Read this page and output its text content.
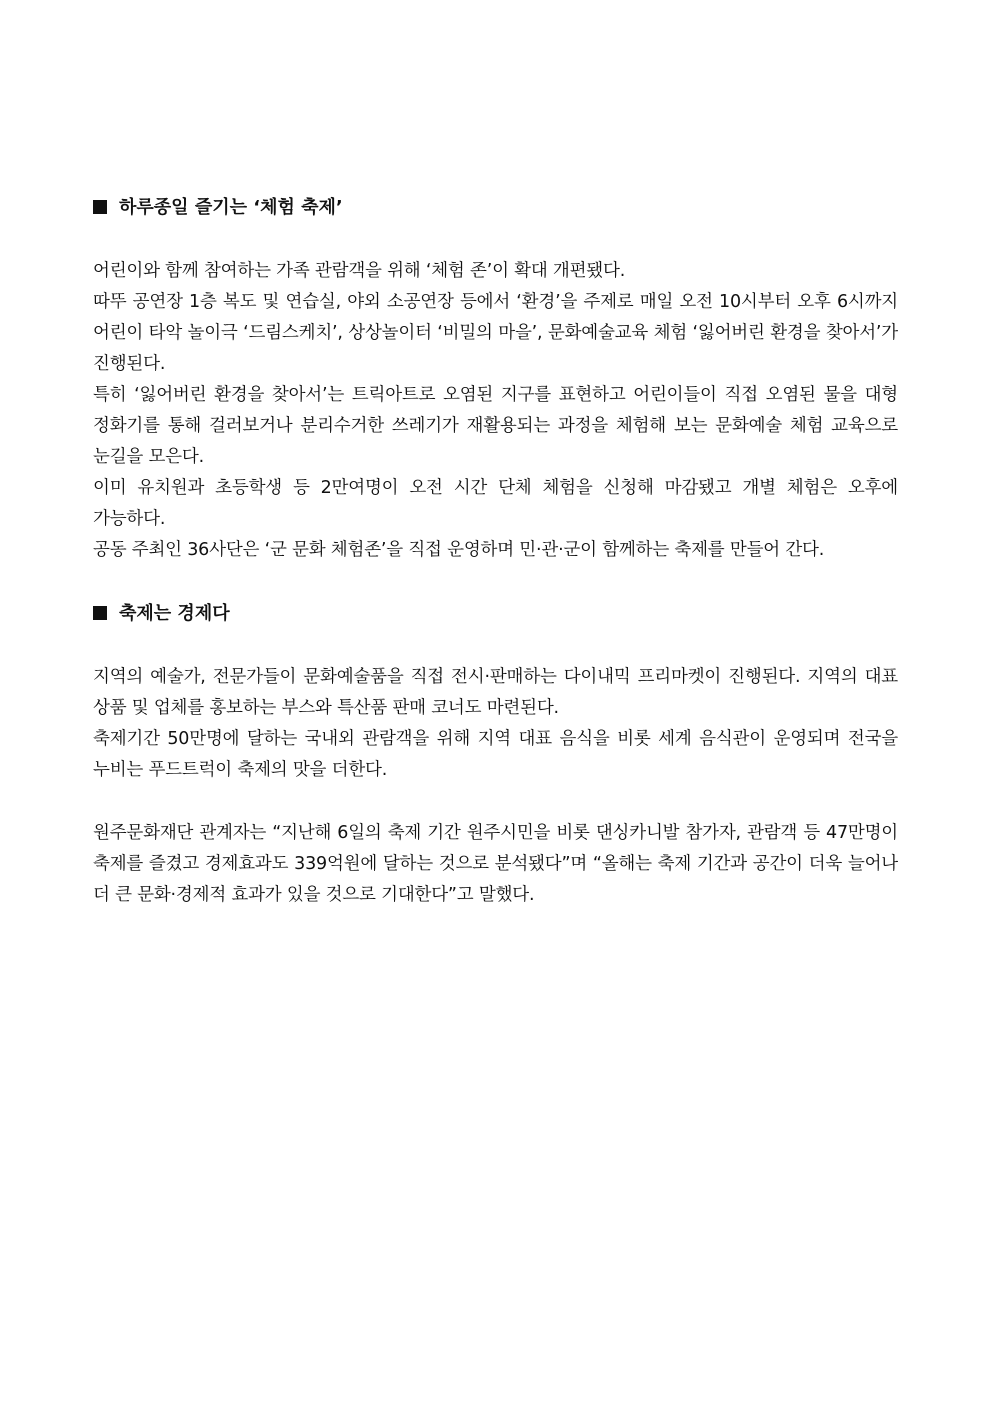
하루종일 즐기는 ‘체험 축제’

어린이와 함께 참여하는 가족 관람객을 위해 ‘체험 존’이 확대 개편됐다.

따뚜 공연장 1층 복도 및 연습실, 야외 소공연장 등에서 ‘환경’을 주제로 매일 오전 10시부터 오후 6시까지 어린이 타악 놀이극 ‘드림스케치’, 상상놀이터 ‘비밀의 마을’, 문화예술교육 체험 ‘잃어버린 환경을 찾아서’가 진행된다.

특히 ‘잃어버린 환경을 찾아서’는 트릭아트로 오염된 지구를 표현하고 어린이들이 직접 오염된 물을 대형 정화기를 통해 걸러보거나 분리수거한 쓰레기가 재활용되는 과정을 체험해 보는 문화예술 체험 교육으로 눈길을 모은다.

이미 유치원과 초등학생 등 2만여명이 오전 시간 단체 체험을 신청해 마감됐고 개별 체험은 오후에 가능하다.

공동 주최인 36사단은 ‘군 문화 체험존’을 직접 운영하며 민·관·군이 함께하는 축제를 만들어 간다.

축제는 경제다

지역의 예술가, 전문가들이 문화예술품을 직접 전시·판매하는 다이내믹 프리마켓이 진행된다. 지역의 대표 상품 및 업체를 홍보하는 부스와 특산품 판매 코너도 마련된다.

축제기간 50만명에 달하는 국내외 관람객을 위해 지역 대표 음식을 비롯 세계 음식관이 운영되며 전국을 누비는 푸드트럭이 축제의 맛을 더한다.

원주문화재단 관계자는 “지난해 6일의 축제 기간 원주시민을 비롯 댄싱카니발 참가자, 관람객 등 47만명이 축제를 즐겼고 경제효과도 339억원에 달하는 것으로 분석됐다”며 “올해는 축제 기간과 공간이 더욱 늘어나 더 큰 문화·경제적 효과가 있을 것으로 기대한다”고 말했다.
